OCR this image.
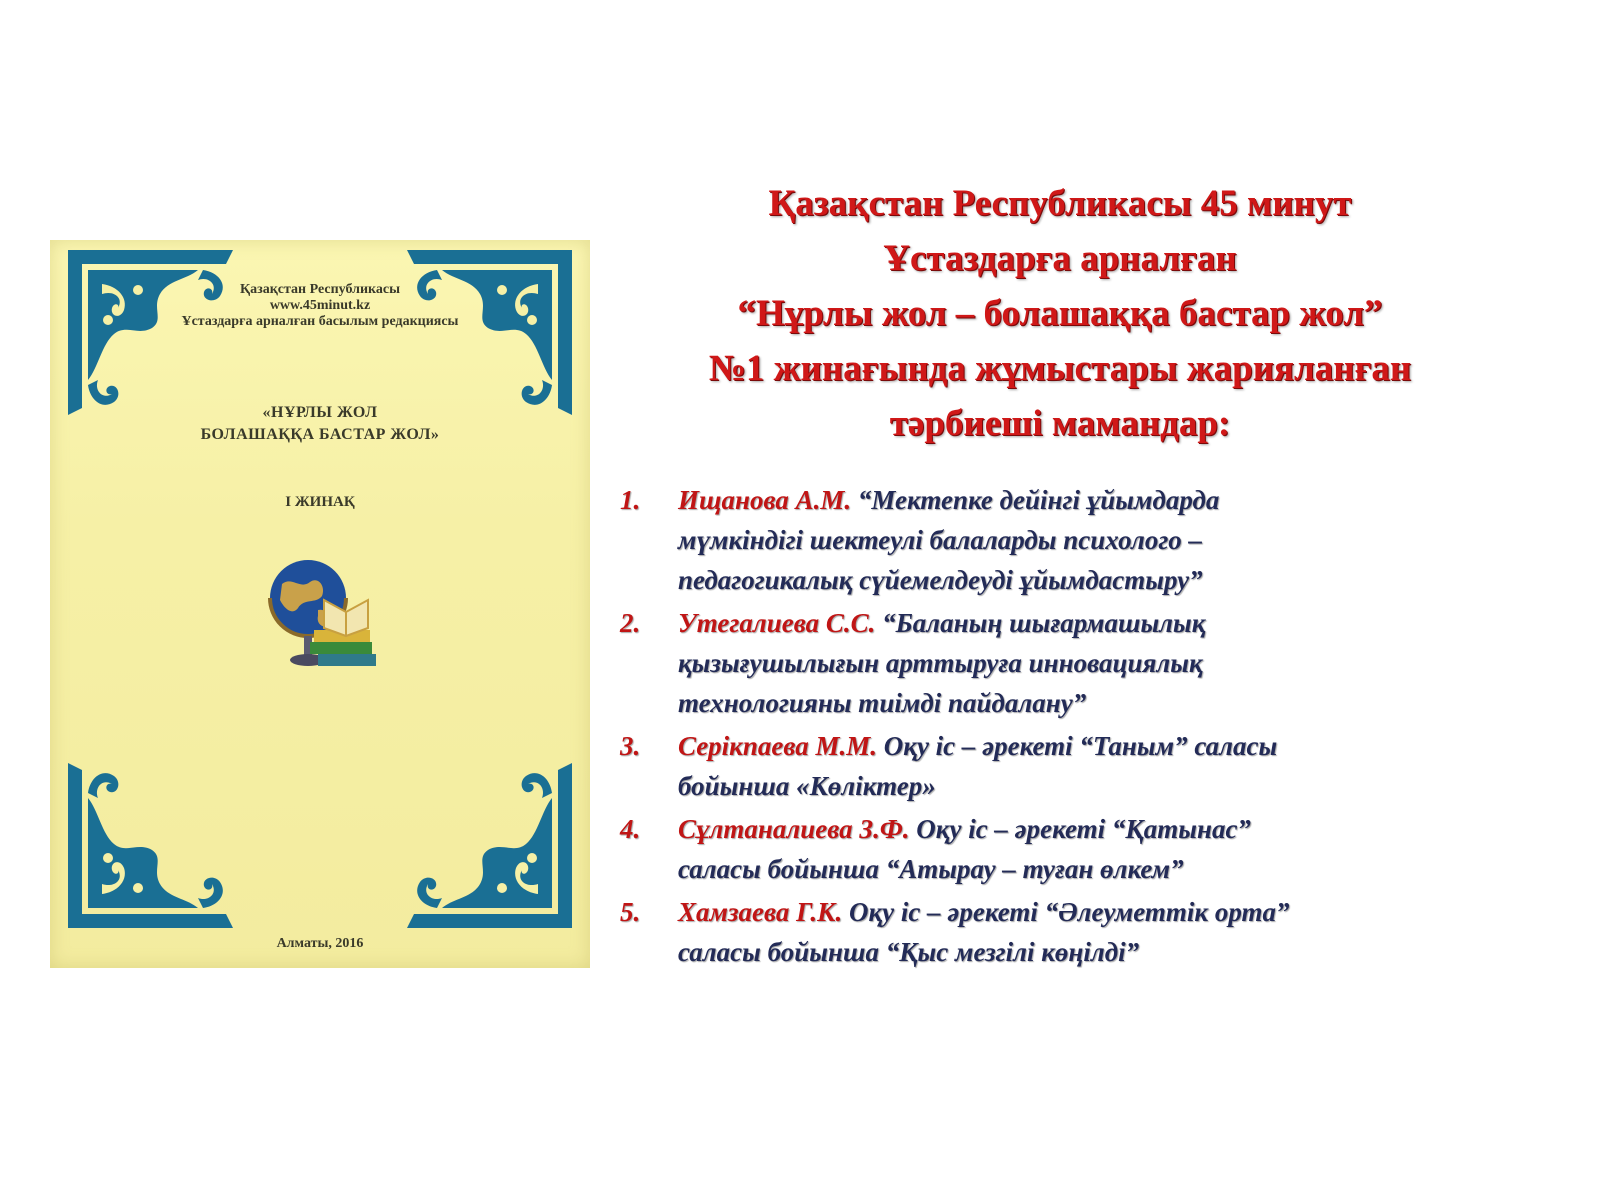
Қазақстан Республикасы
www.45minut.kz
Ұстаздарға арналған басылым редакциясы
«НҰРЛЫ ЖОЛ
БОЛАШАҚҚА БАСТАР ЖОЛ»
І ЖИНАҚ
Алматы, 2016
Қазақстан Республикасы 45 минут
Ұстаздарға арналған
“Нұрлы жол – болашаққа бастар жол”
№1 жинағында жұмыстары жарияланған
тәрбиеші мамандар:
1. Ищанова А.М. “Мектепке дейінгі ұйымдарда
мүмкіндігі шектеулі балаларды психолого –
педагогикалық сүйемелдеуді ұйымдастыру”
2. Утегалиева С.С. “Баланың шығармашылық
қызығушылығын арттыруға инновациялық
технологияны тиімді пайдалану”
3. Серікпаева М.М. Оқу іс – әрекеті “Таным” саласы
бойынша «Көліктер»
4. Сұлтаналиева З.Ф. Оқу іс – әрекеті “Қатынас”
саласы бойынша “Атырау – туған өлкем”
5. Хамзаева Г.К. Оқу іс – әрекеті “Әлеуметтік орта”
саласы бойынша “Қыс мезгілі көңілді”
